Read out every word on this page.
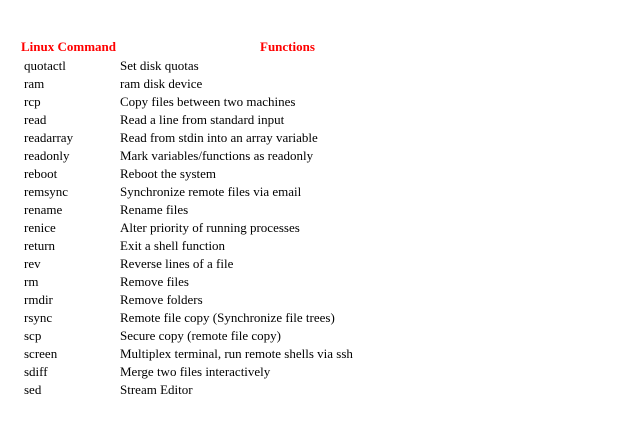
Linux Command	Functions
quotactl	Set disk quotas
ram	ram disk device
rcp	Copy files between two machines
read	Read a line from standard input
readarray	Read from stdin into an array variable
readonly	Mark variables/functions as readonly
reboot	Reboot the system
remsync	Synchronize remote files via email
rename	Rename files
renice	Alter priority of running processes
return	Exit a shell function
rev	Reverse lines of a file
rm	Remove files
rmdir	Remove folders
rsync	Remote file copy (Synchronize file trees)
scp	Secure copy (remote file copy)
screen	Multiplex terminal, run remote shells via ssh
sdiff	Merge two files interactively
sed	Stream Editor
